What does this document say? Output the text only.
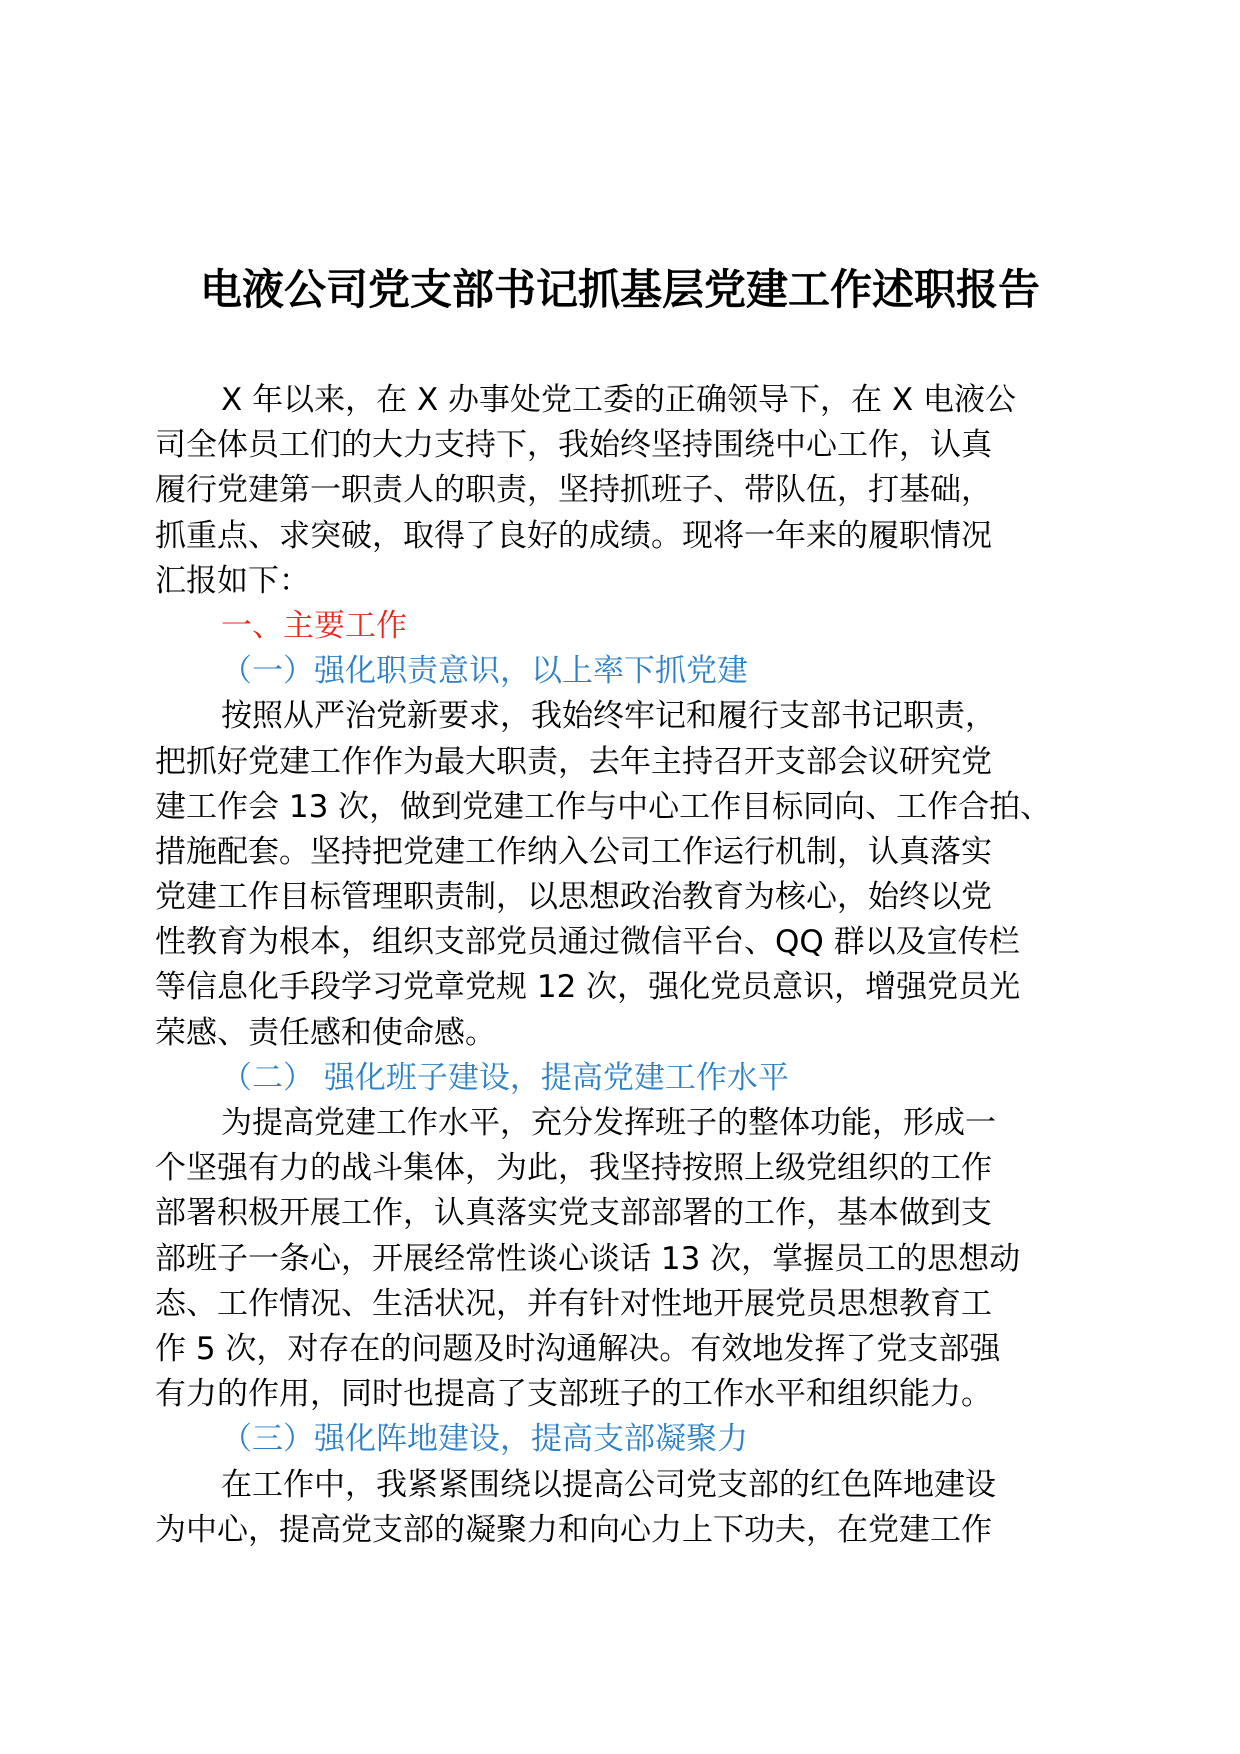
电液公司党支部书记抓基层党建工作述职报告
X 年以来，在 X 办事处党工委的正确领导下，在 X 电液公
司全体员工们的大力支持下，我始终坚持围绕中心工作，认真
履行党建第一职责人的职责，坚持抓班子、带队伍，打基础，
抓重点、求突破，取得了良好的成绩。现将一年来的履职情况
汇报如下：
一、主要工作
（一）强化职责意识，以上率下抓党建
按照从严治党新要求，我始终牢记和履行支部书记职责，
把抓好党建工作作为最大职责，去年主持召开支部会议研究党
建工作会 13 次，做到党建工作与中心工作目标同向、工作合拍、
措施配套。坚持把党建工作纳入公司工作运行机制，认真落实
党建工作目标管理职责制，以思想政治教育为核心，始终以党
性教育为根本，组织支部党员通过微信平台、QQ 群以及宣传栏
等信息化手段学习党章党规 12 次，强化党员意识，增强党员光
荣感、责任感和使命感。
（二） 强化班子建设，提高党建工作水平
为提高党建工作水平，充分发挥班子的整体功能，形成一
个坚强有力的战斗集体，为此，我坚持按照上级党组织的工作
部署积极开展工作，认真落实党支部部署的工作，基本做到支
部班子一条心，开展经常性谈心谈话 13 次，掌握员工的思想动
态、工作情况、生活状况，并有针对性地开展党员思想教育工
作 5 次，对存在的问题及时沟通解决。有效地发挥了党支部强
有力的作用，同时也提高了支部班子的工作水平和组织能力。
（三）强化阵地建设，提高支部凝聚力
在工作中，我紧紧围绕以提高公司党支部的红色阵地建设
为中心，提高党支部的凝聚力和向心力上下功夫，在党建工作
